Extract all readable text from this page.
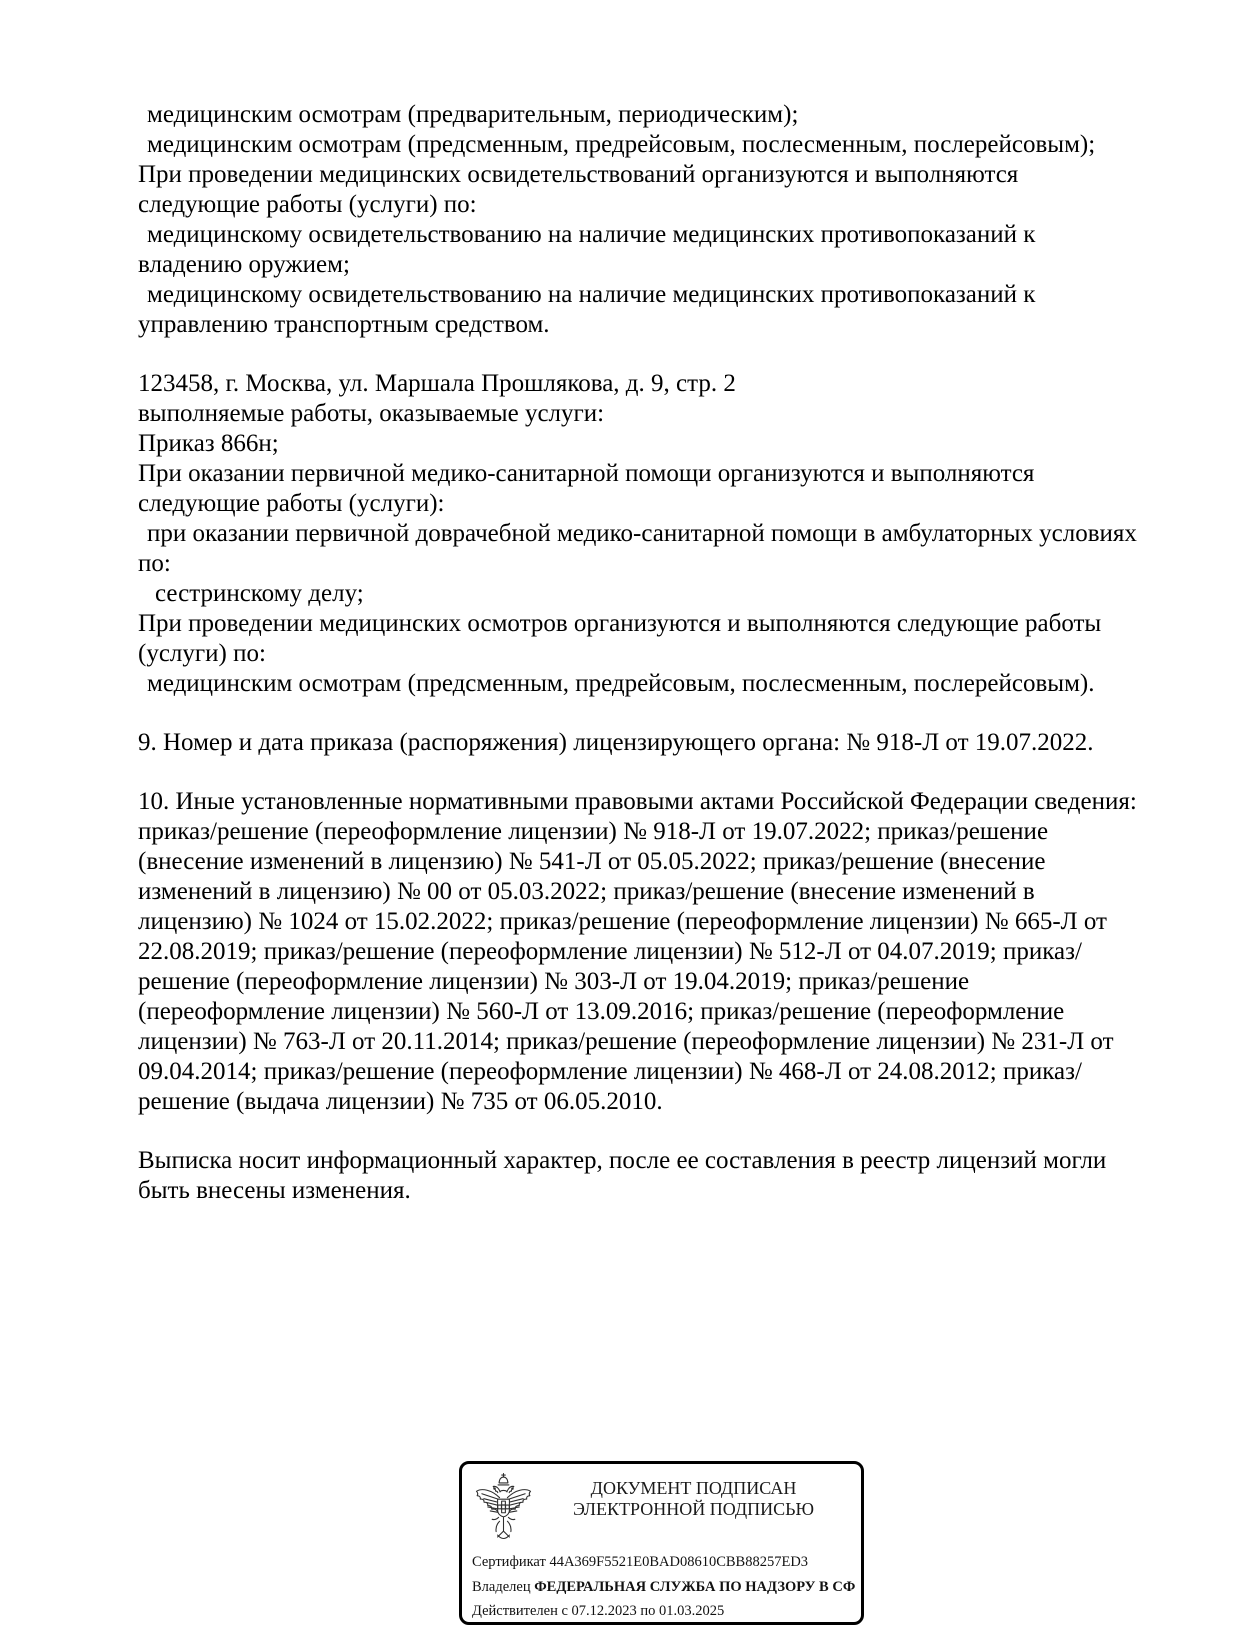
медицинским осмотрам (предварительным, периодическим);

медицинским осмотрам (предсменным, предрейсовым, послесменным, послерейсовым);

При проведении медицинских освидетельствований организуются и выполняются следующие работы (услуги) по:

медицинскому освидетельствованию на наличие медицинских противопоказаний к владению оружием;

медицинскому освидетельствованию на наличие медицинских противопоказаний к управлению транспортным средством.

123458, г. Москва, ул. Маршала Прошлякова, д. 9, стр. 2

выполняемые работы, оказываемые услуги:

Приказ 866н;

При оказании первичной медико-санитарной помощи организуются и выполняются следующие работы (услуги):

при оказании первичной доврачебной медико-санитарной помощи в амбулаторных условиях по:

сестринскому делу;

При проведении медицинских осмотров организуются и выполняются следующие работы (услуги) по:

медицинским осмотрам (предсменным, предрейсовым, послесменным, послерейсовым).

9. Номер и дата приказа (распоряжения) лицензирующего органа: № 918-Л от 19.07.2022.

10. Иные установленные нормативными правовыми актами Российской Федерации сведения: приказ/решение (переоформление лицензии) № 918-Л от 19.07.2022; приказ/решение (внесение изменений в лицензию) № 541-Л от 05.05.2022; приказ/решение (внесение изменений в лицензию) № 00 от 05.03.2022; приказ/решение (внесение изменений в лицензию) № 1024 от 15.02.2022; приказ/решение (переоформление лицензии) № 665-Л от 22.08.2019; приказ/решение (переоформление лицензии) № 512-Л от 04.07.2019; приказ/решение (переоформление лицензии) № 303-Л от 19.04.2019; приказ/решение (переоформление лицензии) № 560-Л от 13.09.2016; приказ/решение (переоформление лицензии) № 763-Л от 20.11.2014; приказ/решение (переоформление лицензии) № 231-Л от 09.04.2014; приказ/решение (переоформление лицензии) № 468-Л от 24.08.2012; приказ/решение (выдача лицензии) № 735 от 06.05.2010.

Выписка носит информационный характер, после ее составления в реестр лицензий могли быть внесены изменения.

ДОКУМЕНТ ПОДПИСАН
ЭЛЕКТРОННОЙ ПОДПИСЬЮ
Сертификат 44A369F5521E0BAD08610CBB88257ED3
Владелец ФЕДЕРАЛЬНАЯ СЛУЖБА ПО НАДЗОРУ В СФ
Действителен с 07.12.2023 по 01.03.2025
